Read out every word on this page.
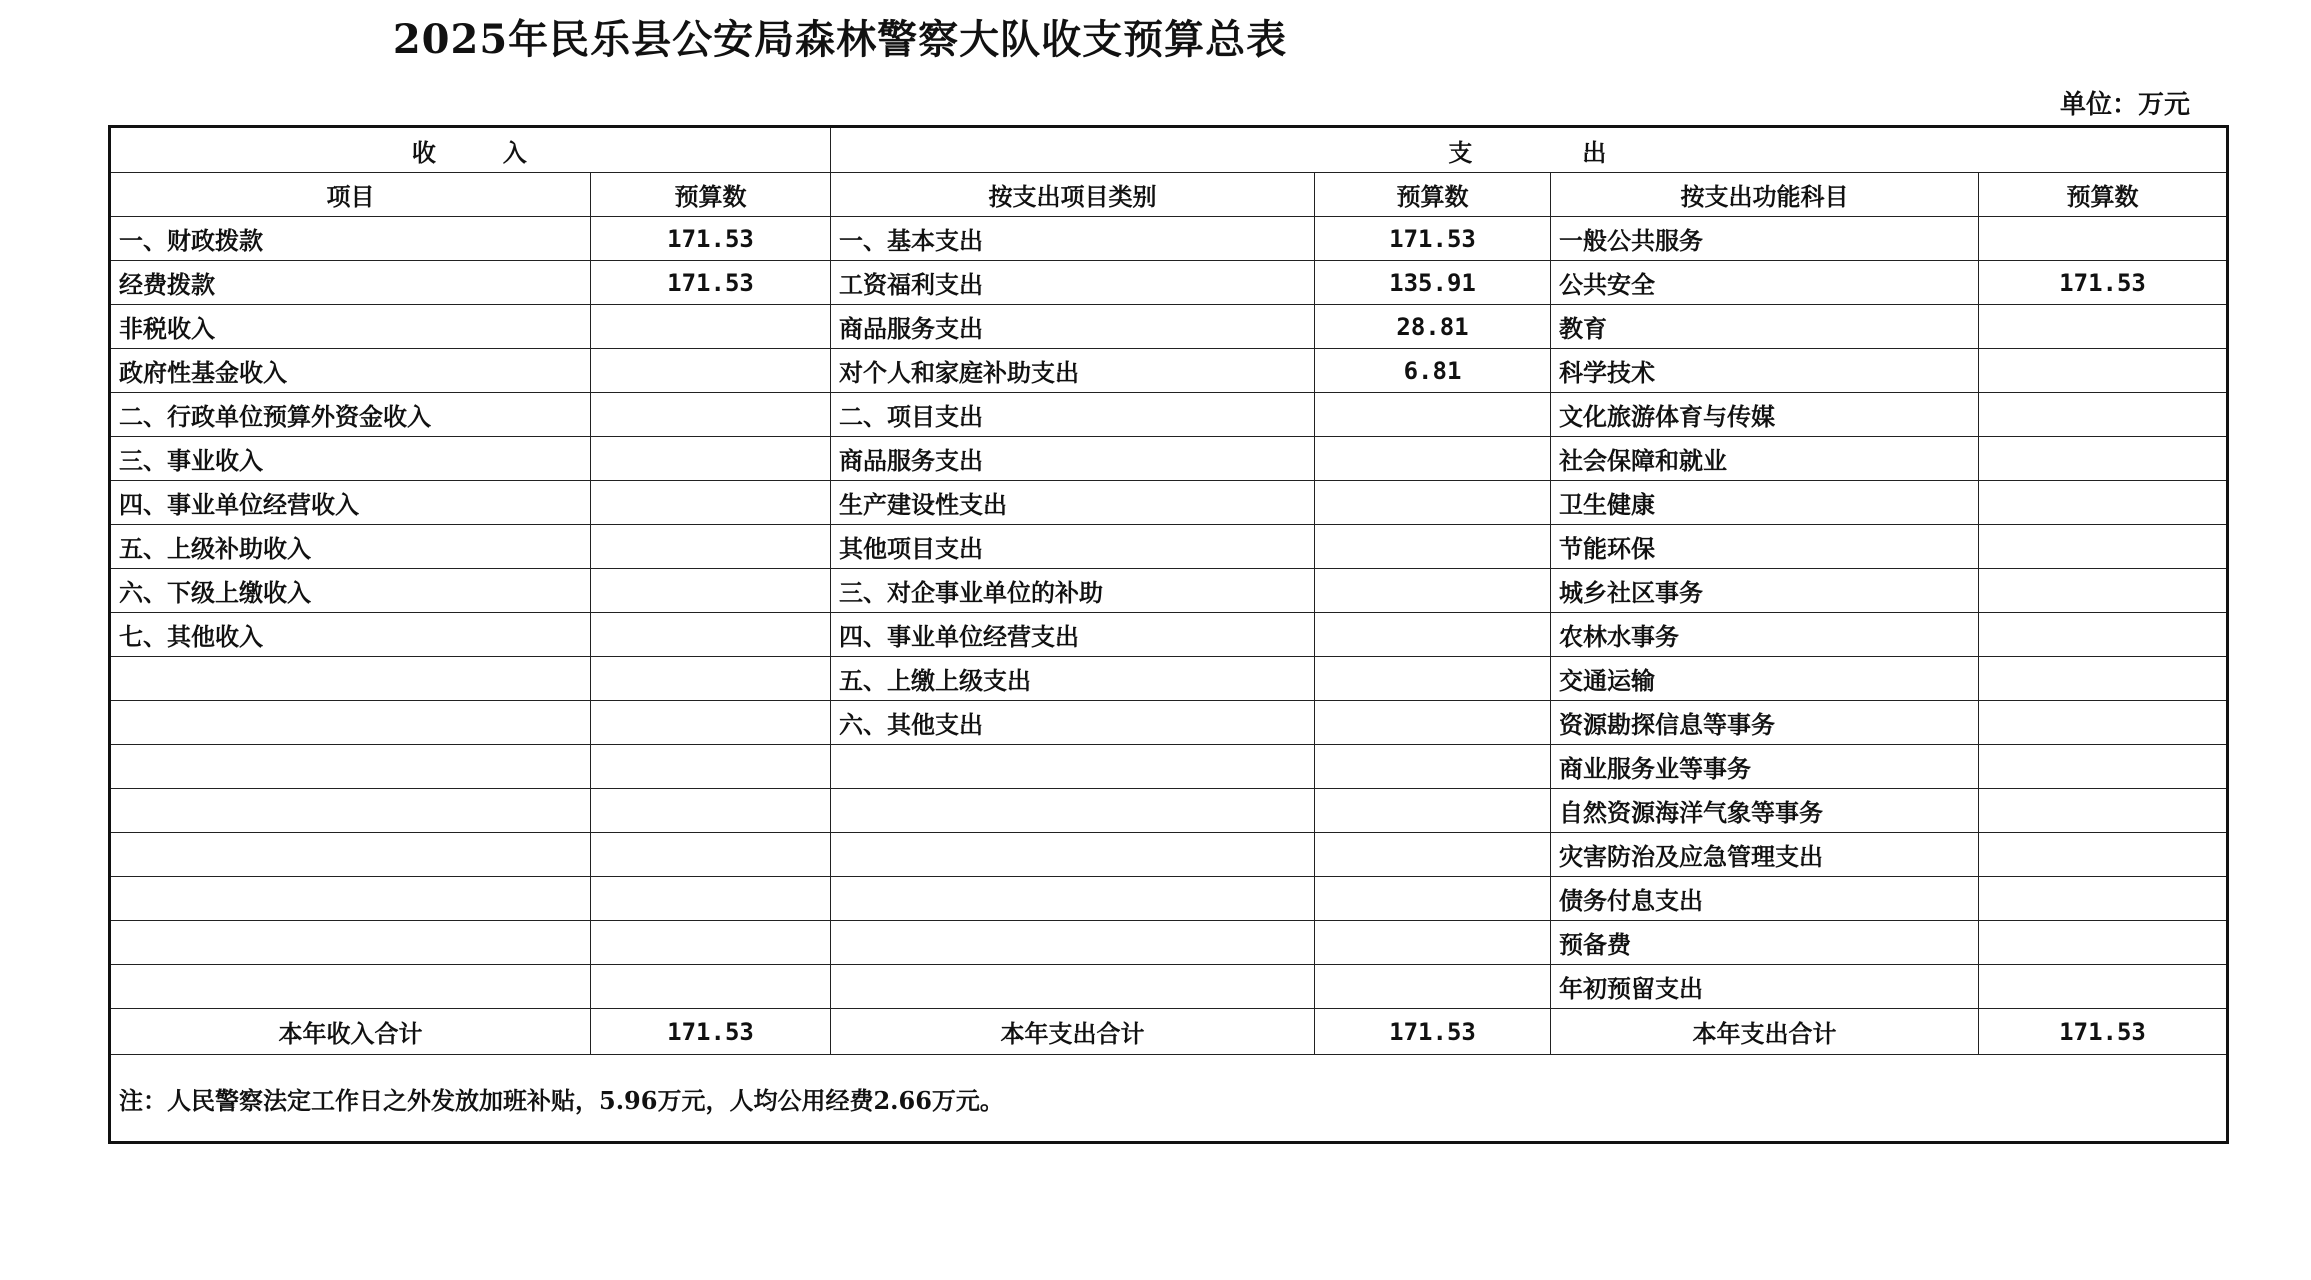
2025年民乐县公安局森林警察大队收支预算总表
单位：万元
收      入		支          出			
项目	预算数	按支出项目类别	预算数	按支出功能科目	预算数
一、财政拨款	171.53	一、基本支出	171.53	一般公共服务	
经费拨款	171.53	工资福利支出	135.91	公共安全	171.53
非税收入		商品服务支出	28.81	教育	
政府性基金收入		对个人和家庭补助支出	6.81	科学技术	
二、行政单位预算外资金收入		二、项目支出		文化旅游体育与传媒	
三、事业收入		商品服务支出		社会保障和就业	
四、事业单位经营收入		生产建设性支出		卫生健康	
五、上级补助收入		其他项目支出		节能环保	
六、下级上缴收入		三、对企事业单位的补助		城乡社区事务	
七、其他收入		四、事业单位经营支出		农林水事务	
		五、上缴上级支出		交通运输	
		六、其他支出		资源勘探信息等事务	
				商业服务业等事务	
				自然资源海洋气象等事务	
				灾害防治及应急管理支出	
				债务付息支出	
				预备费	
				年初预留支出	
本年收入合计	171.53	本年支出合计	171.53	本年支出合计	171.53
注：人民警察法定工作日之外发放加班补贴，5.96万元，人均公用经费2.66万元。					
